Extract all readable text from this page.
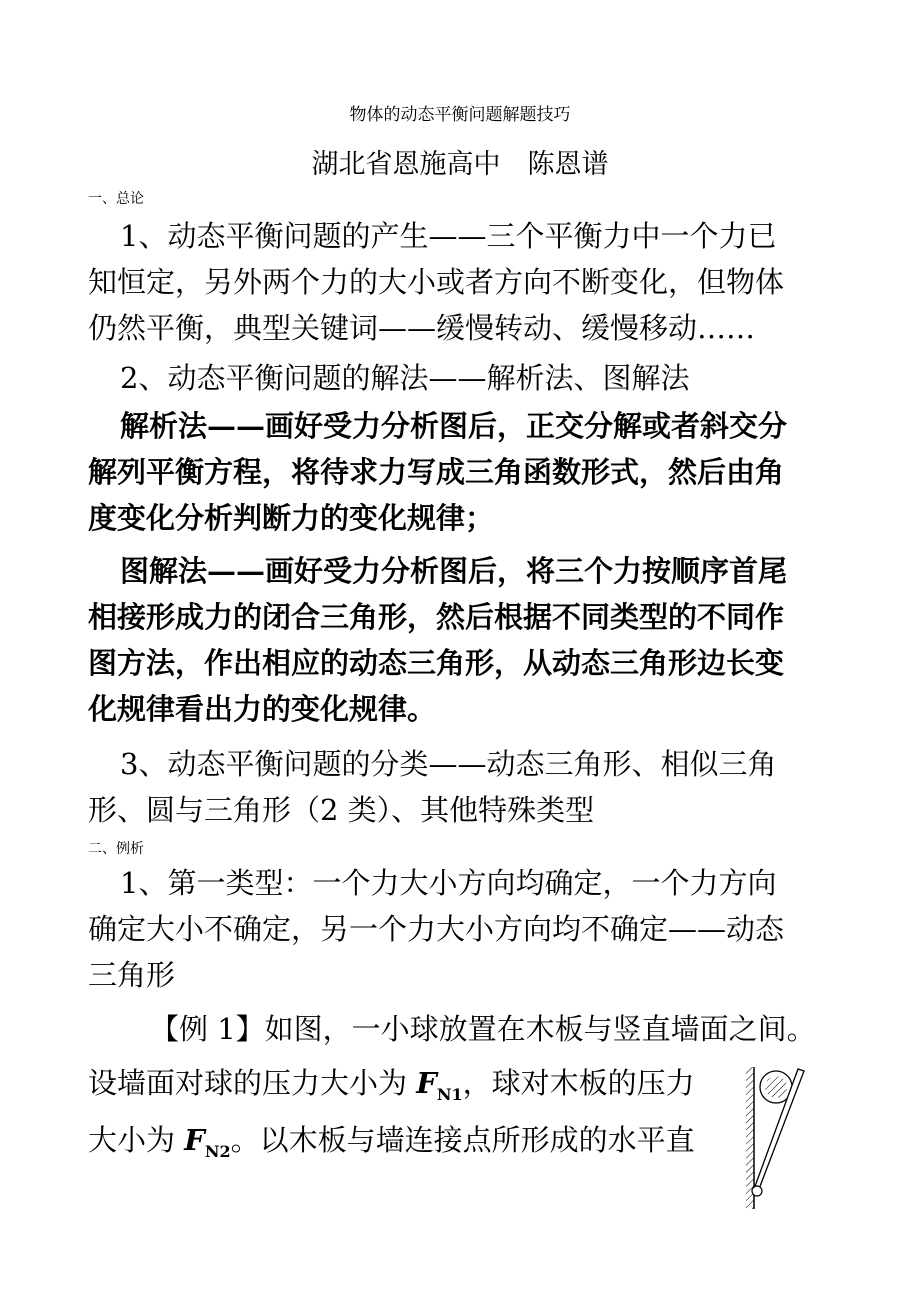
物体的动态平衡问题解题技巧
湖北省恩施高中　陈恩谱
一、总论
1、动态平衡问题的产生——三个平衡力中一个力已
知恒定，另外两个力的大小或者方向不断变化，但物体
仍然平衡，典型关键词——缓慢转动、缓慢移动……
2、动态平衡问题的解法——解析法、图解法
解析法——画好受力分析图后，正交分解或者斜交分
解列平衡方程，将待求力写成三角函数形式，然后由角
度变化分析判断力的变化规律；
图解法——画好受力分析图后，将三个力按顺序首尾
相接形成力的闭合三角形，然后根据不同类型的不同作
图方法，作出相应的动态三角形，从动态三角形边长变
化规律看出力的变化规律。
3、动态平衡问题的分类——动态三角形、相似三角
形、圆与三角形（2 类）、其他特殊类型
二、例析
1、第一类型：一个力大小方向均确定，一个力方向
确定大小不确定，另一个力大小方向均不确定——动态
三角形
【例 1】如图，一小球放置在木板与竖直墙面之间。
设墙面对球的压力大小为 $F_{N1}$，球对木板的压力
大小为 $F_{N2}$。以木板与墙连接点所形成的水平直
